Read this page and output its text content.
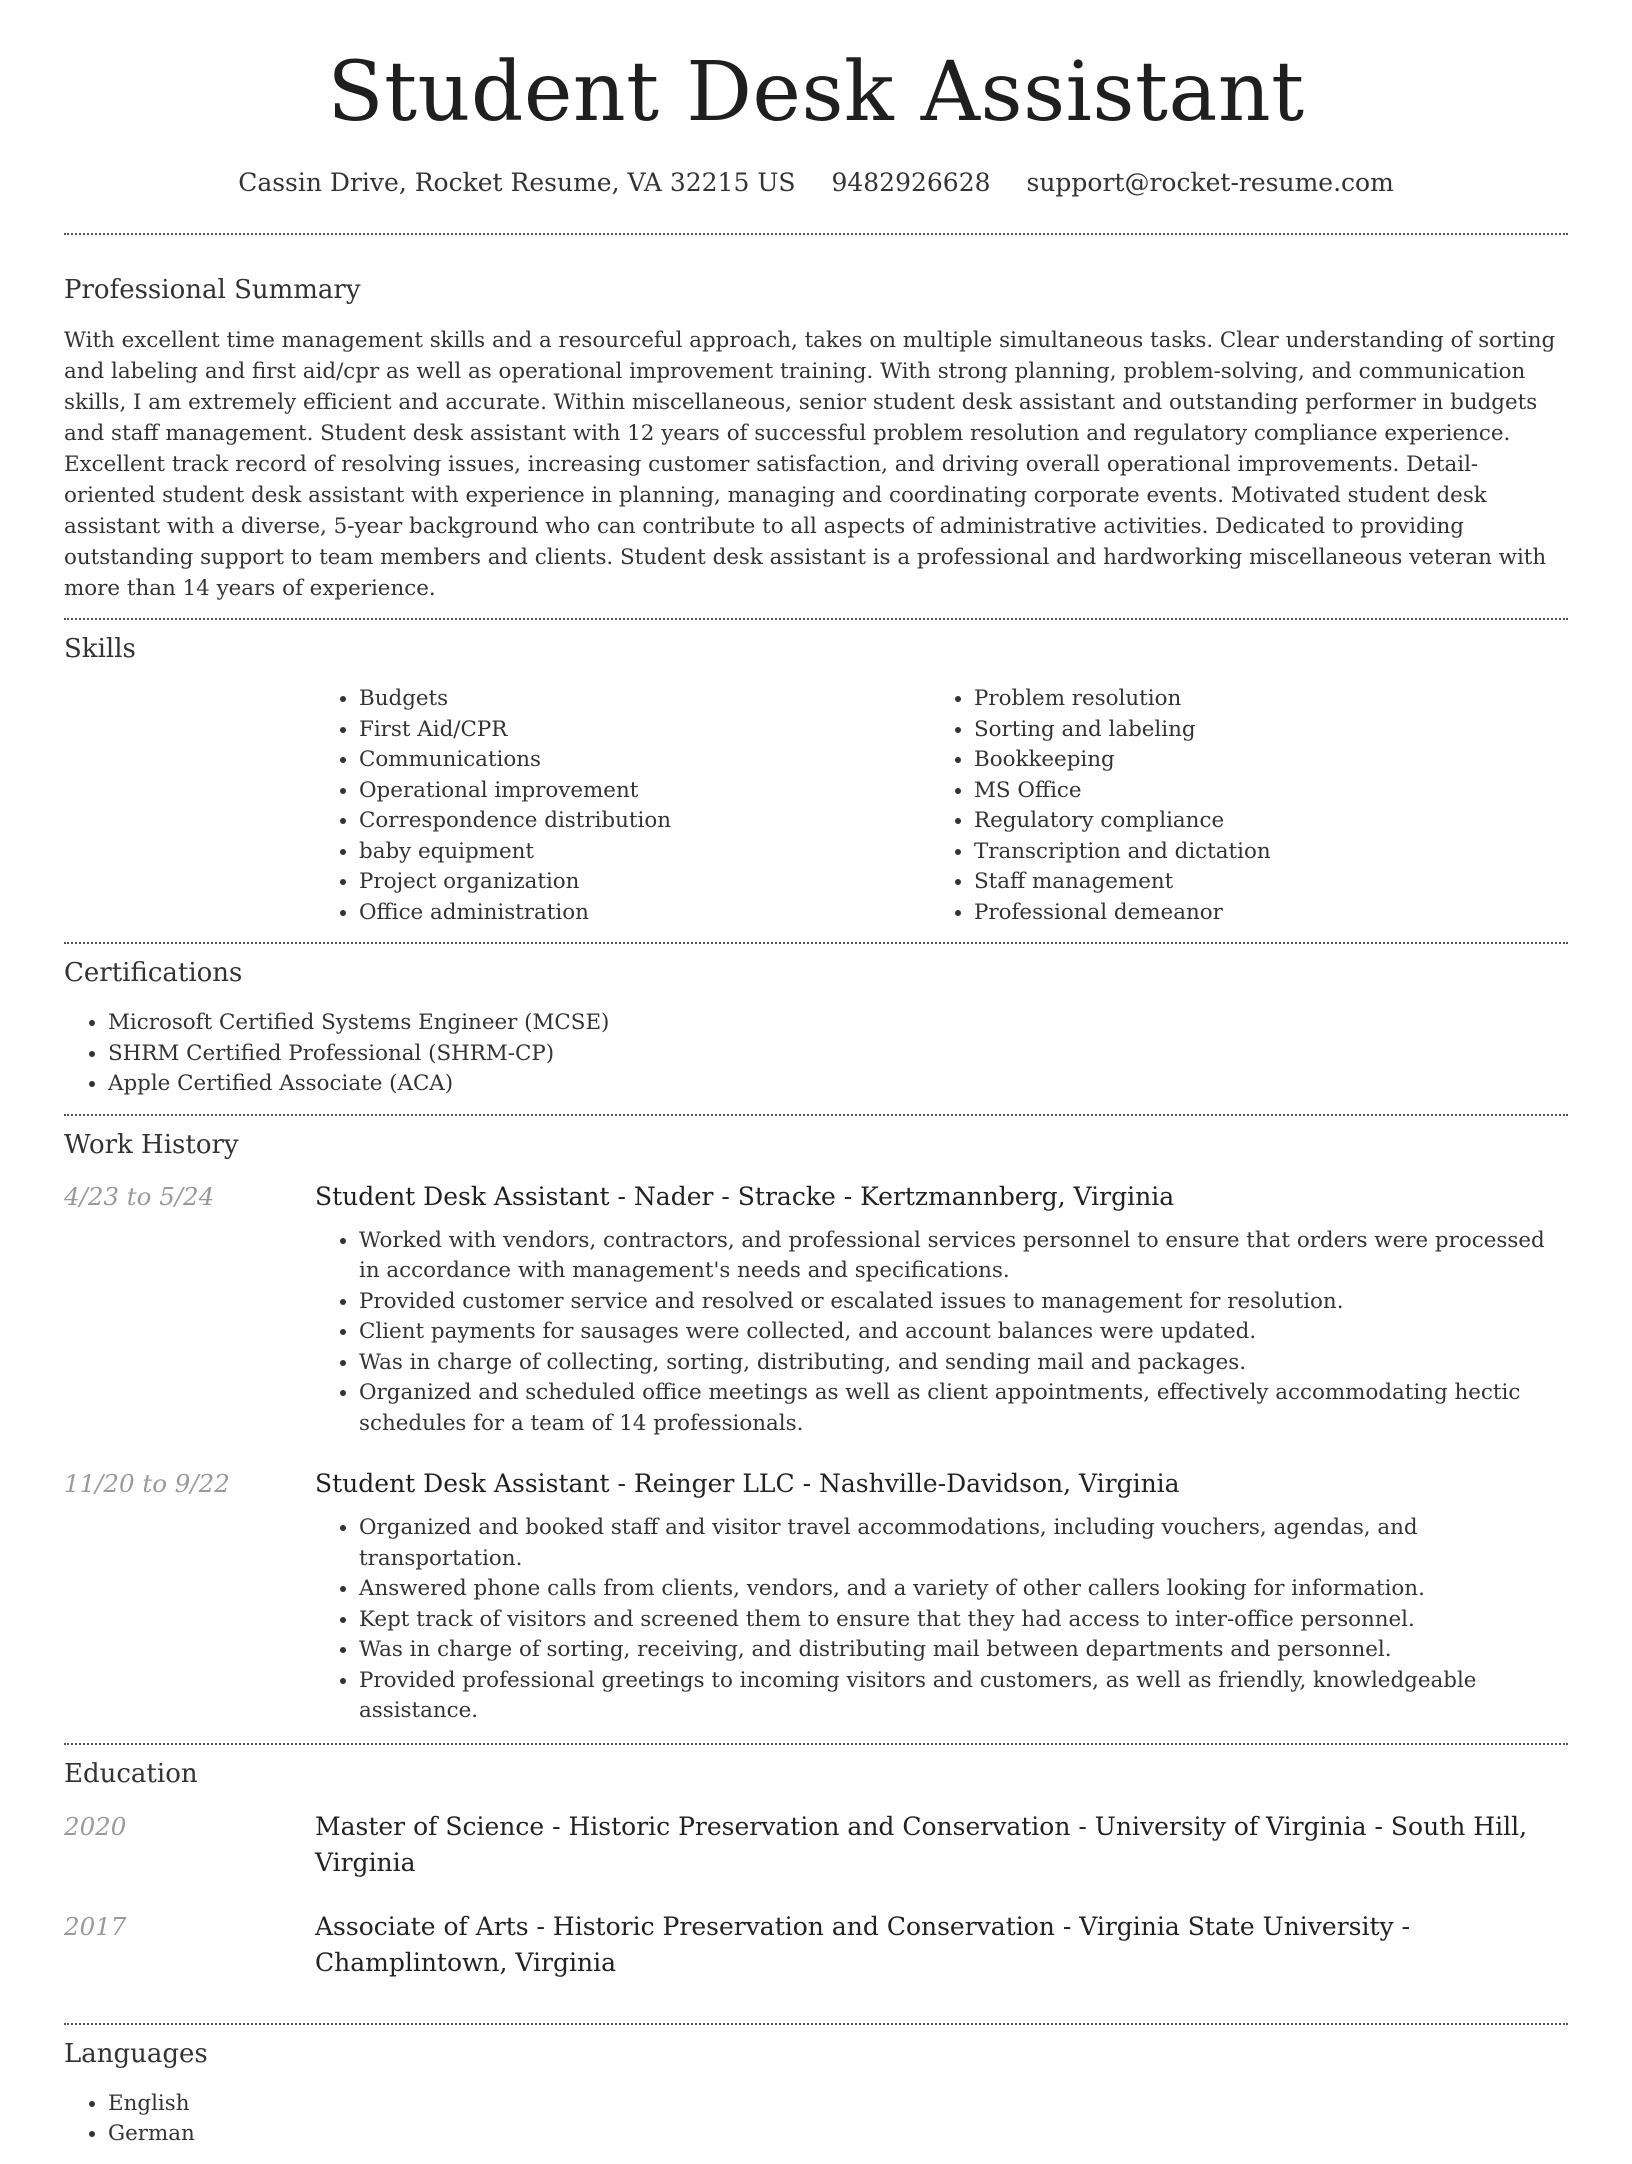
Student Desk Assistant
Cassin Drive, Rocket Resume, VA 32215 US 9482926628 support@rocket-resume.com
Professional Summary

With excellent time management skills and a resourceful approach, takes on multiple simultaneous tasks. Clear understanding of sorting and labeling and first aid/cpr as well as operational improvement training. With strong planning, problem-solving, and communication skills, I am extremely efficient and accurate. Within miscellaneous, senior student desk assistant and outstanding performer in budgets and staff management. Student desk assistant with 12 years of successful problem resolution and regulatory compliance experience. Excellent track record of resolving issues, increasing customer satisfaction, and driving overall operational improvements. Detail-oriented student desk assistant with experience in planning, managing and coordinating corporate events. Motivated student desk assistant with a diverse, 5-year background who can contribute to all aspects of administrative activities. Dedicated to providing outstanding support to team members and clients. Student desk assistant is a professional and hardworking miscellaneous veteran with more than 14 years of experience.

Skills
• Budgets
• First Aid/CPR
• Communications
• Operational improvement
• Correspondence distribution
• baby equipment
• Project organization
• Office administration
• Problem resolution
• Sorting and labeling
• Bookkeeping
• MS Office
• Regulatory compliance
• Transcription and dictation
• Staff management
• Professional demeanor
Certifications
• Microsoft Certified Systems Engineer (MCSE)
• SHRM Certified Professional (SHRM-CP)
• Apple Certified Associate (ACA)
Work History
4/23 to 5/24	Student Desk Assistant - Nader - Stracke - Kertzmannberg, Virginia
• Worked with vendors, contractors, and professional services personnel to ensure that orders were processed in accordance with management's needs and specifications.
• Provided customer service and resolved or escalated issues to management for resolution.
• Client payments for sausages were collected, and account balances were updated.
• Was in charge of collecting, sorting, distributing, and sending mail and packages.
• Organized and scheduled office meetings as well as client appointments, effectively accommodating hectic schedules for a team of 14 professionals.
11/20 to 9/22	Student Desk Assistant - Reinger LLC - Nashville-Davidson, Virginia
• Organized and booked staff and visitor travel accommodations, including vouchers, agendas, and transportation.
• Answered phone calls from clients, vendors, and a variety of other callers looking for information.
• Kept track of visitors and screened them to ensure that they had access to inter-office personnel.
• Was in charge of sorting, receiving, and distributing mail between departments and personnel.
• Provided professional greetings to incoming visitors and customers, as well as friendly, knowledgeable assistance.
Education
2020	Master of Science - Historic Preservation and Conservation - University of Virginia - South Hill, Virginia
2017	Associate of Arts - Historic Preservation and Conservation - Virginia State University - Champlintown, Virginia
Languages
• English
• German
